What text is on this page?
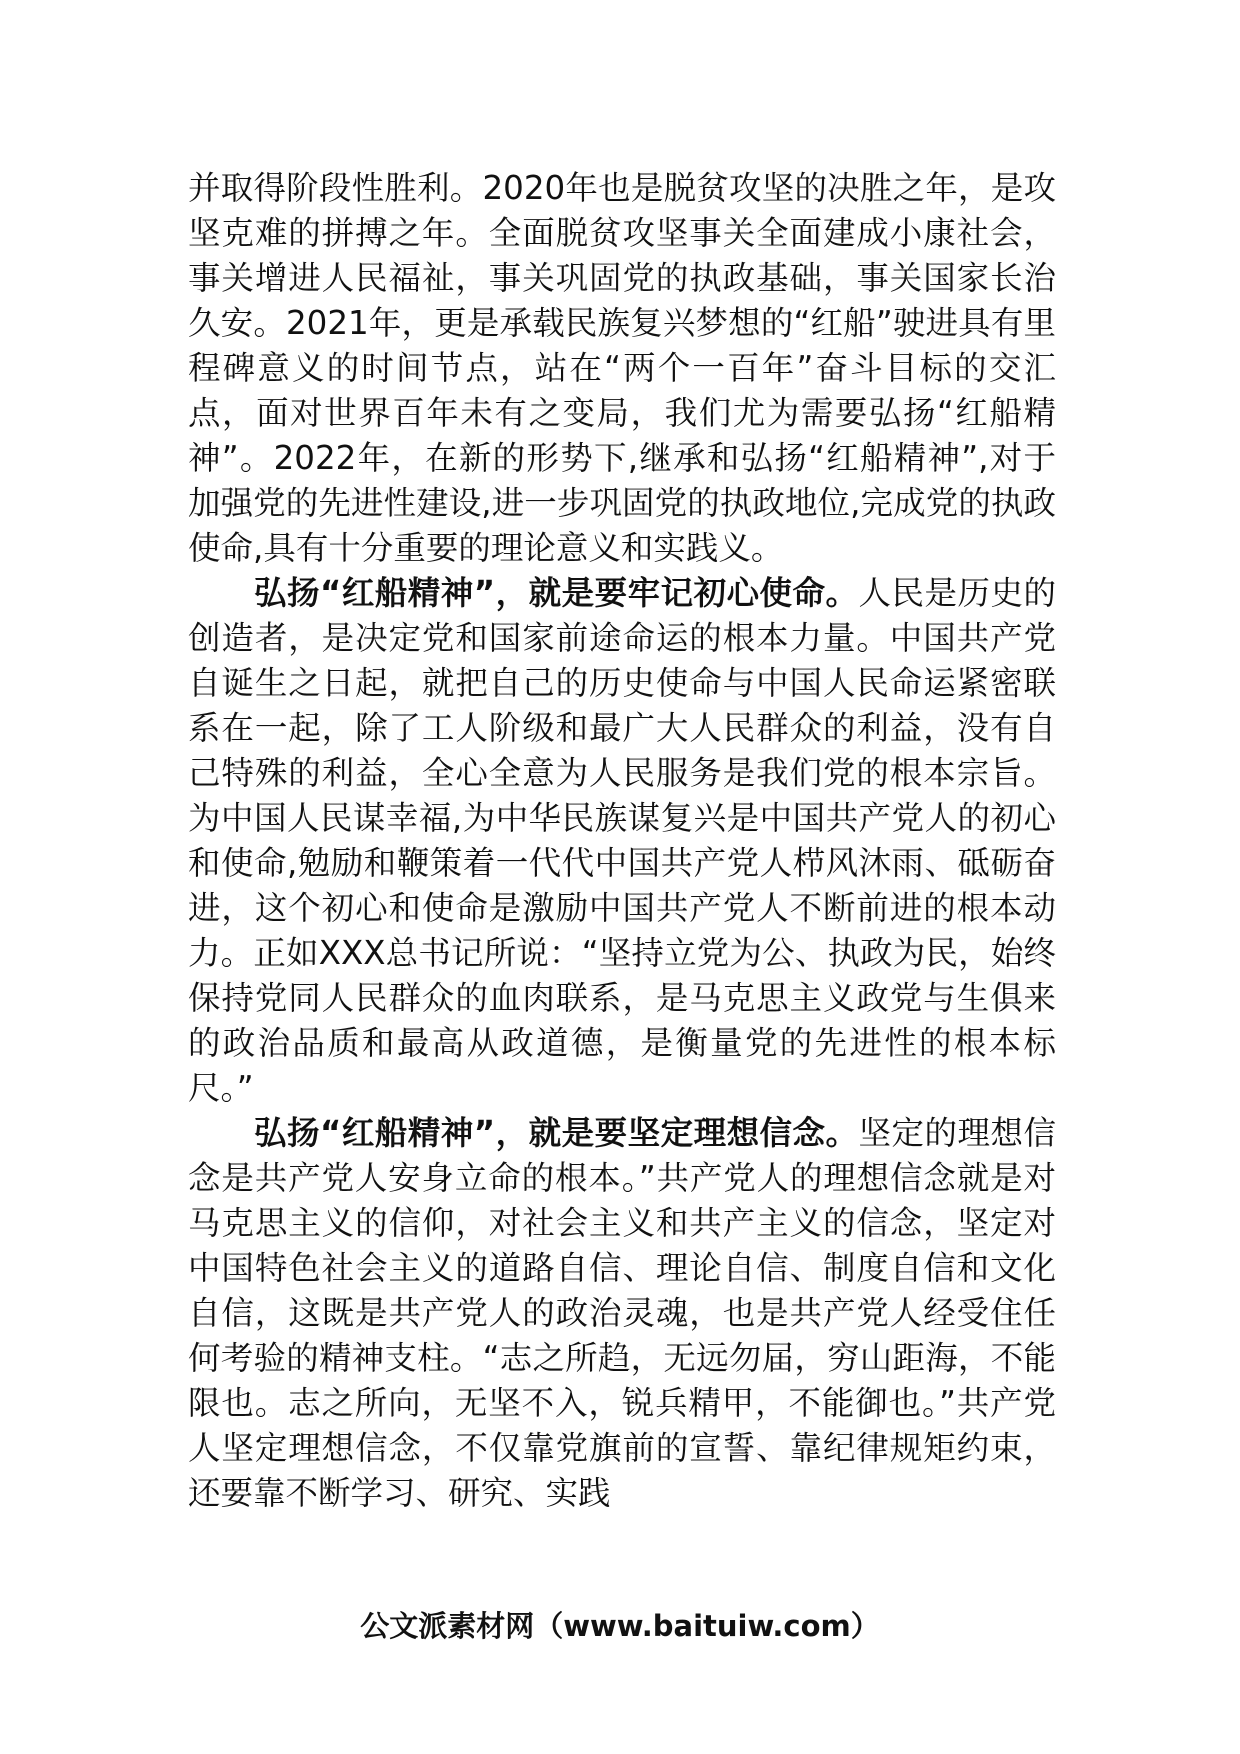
并取得阶段性胜利。2020年也是脱贫攻坚的决胜之年，是攻坚克难的拼搏之年。全面脱贫攻坚事关全面建成小康社会，事关增进人民福祉，事关巩固党的执政基础，事关国家长治久安。2021年，更是承载民族复兴梦想的“红船”驶进具有里程碑意义的时间节点，站在“两个一百年”奋斗目标的交汇点，面对世界百年未有之变局，我们尤为需要弘扬“红船精神”。2022年，在新的形势下,继承和弘扬“红船精神”,对于加强党的先进性建设,进一步巩固党的执政地位,完成党的执政使命,具有十分重要的理论意义和实践义。

弘扬“红船精神”，就是要牢记初心使命。人民是历史的创造者，是决定党和国家前途命运的根本力量。中国共产党自诞生之日起，就把自己的历史使命与中国人民命运紧密联系在一起，除了工人阶级和最广大人民群众的利益，没有自己特殊的利益，全心全意为人民服务是我们党的根本宗旨。为中国人民谋幸福,为中华民族谋复兴是中国共产党人的初心和使命,勉励和鞭策着一代代中国共产党人栉风沐雨、砥砺奋进，这个初心和使命是激励中国共产党人不断前进的根本动力。正如XXX总书记所说：“坚持立党为公、执政为民，始终保持党同人民群众的血肉联系，是马克思主义政党与生俱来的政治品质和最高从政道德，是衡量党的先进性的根本标尺。”

弘扬“红船精神”，就是要坚定理想信念。坚定的理想信念是共产党人安身立命的根本。”共产党人的理想信念就是对马克思主义的信仰，对社会主义和共产主义的信念，坚定对中国特色社会主义的道路自信、理论自信、制度自信和文化自信，这既是共产党人的政治灵魂，也是共产党人经受住任何考验的精神支柱。“志之所趋，无远勿届，穷山距海，不能限也。志之所向，无坚不入，锐兵精甲，不能御也。”共产党人坚定理想信念，不仅靠党旗前的宣誓、靠纪律规矩约束，还要靠不断学习、研究、实践

公文派素材网（www.baituiw.com）
